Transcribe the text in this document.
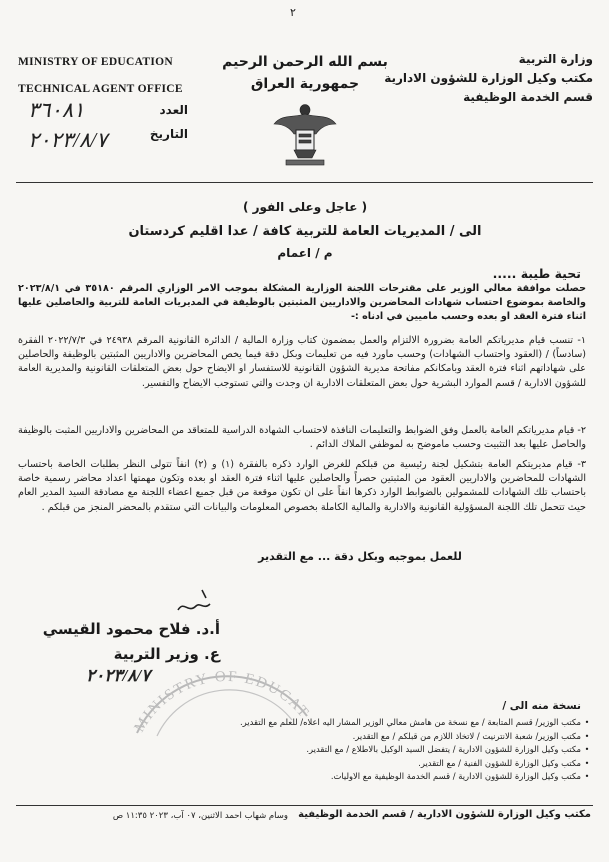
٢
MINISTRY OF EDUCATION
TECHNICAL AGENT OFFICE
العدد
٣٦٠٨١
التاريخ
٢٠٢٣/٨/٧
بسم الله الرحمن الرحيم
جمهورية العراق
وزارة التربية
مكتب وكيل الوزارة للشؤون الادارية
قسم الخدمة الوظيفية
( عاجل وعلى الفور )
الى / المديريات العامة للتربية كافة / عدا اقليم كردستان
م / اعمام
تحية طيبة .....
حصلت موافقة معالي الوزير على مقترحات اللجنة الوزارية المشكلة بموجب الامر الوزاري المرقم ٣٥١٨٠ في ٢٠٢٣/٨/١ والخاصة بموضوع احتساب شهادات المحاضرين والاداريين المثبتين بالوظيفة في المديريات العامة للتربية والحاصلين عليها اثناء فترة العقد او بعده وحسب ماميين في ادناه :-
١- تنسب قيام مديرياتكم العامة بضرورة الالتزام والعمل بمضمون كتاب وزارة المالية / الدائرة القانونية المرقم ٢٤٩٣٨ في ٢٠٢٢/٧/٣ الفقرة (سادساً) / (العقود واحتساب الشهادات) وحسب ماورد فيه من تعليمات وبكل دقة فيما يخص المحاضرين والاداريين المثبتين بالوظيفة والحاصلين على شهاداتهم اثناء فترة العقد وبامكانكم مفاتحة مديرية الشؤون القانونية للاستفسار او الايضاح حول بعض المتعلقات القانونية والمديرية العامة للشؤون الادارية / قسم الموارد البشرية حول بعض المتعلقات الادارية ان وجدت والتي تستوجب الايضاح والتفسير.
٢- قيام مديرياتكم العامة بالعمل وفق الضوابط والتعليمات النافذة لاحتساب الشهادة الدراسية للمتعاقد من المحاضرين والاداريين المثبت بالوظيفة والحاصل عليها بعد التثبيت وحسب ماموضح به لموظفي الملاك الدائم .
٣- قيام مديريتكم العامة بتشكيل لجنة رئيسية من قبلكم للغرض الوارد ذكره بالفقرة (١) و (٢) انفاً تتولى النظر بطلبات الخاصة باحتساب الشهادات للمحاضرين والاداريين العقود من المثبتين حصراً والحاصلين عليها اثناء فترة العقد او بعده وتكون مهمتها اعداد محاضر رسمية خاصة باحتساب تلك الشهادات للمشمولين بالضوابط الوارد ذكرها انفاً على ان تكون موقعة من قبل جميع اعضاء اللجنة مع مصادقة السيد المدير العام حيث تتحمل تلك اللجنة المسؤولية القانونية والادارية والمالية الكاملة بخصوص المعلومات والبيانات التي ستقدم بالمحضر المنجز من قبلكم .
للعمل بموجبه وبكل دقة ... مع التقدير
MINISTRY OF EDUCAT
أ.د. فلاح محمود القيسي
ع. وزير التربية
٢٠٢٣/٨/٧
نسخة منه الى /
مكتب الوزير/ قسم المتابعة / مع نسخة من هامش معالي الوزير المشار اليه اعلاه/ للعلم مع التقدير.
مكتب الوزير/ شعبة الانترنيت / لاتخاذ اللازم من قبلكم / مع التقدير.
مكتب وكيل الوزارة للشؤون الادارية / يتفضل السيد الوكيل بالاطلاع / مع التقدير.
مكتب وكيل الوزارة للشؤون الفنية / مع التقدير.
مكتب وكيل الوزارة للشؤون الادارية / قسم الخدمة الوظيفية مع الاوليات.
•
•
•
•
•
مكتب وكيل الوزارة للشؤون الادارية / قسم الخدمة الوظيفية
وسام شهاب احمد الاثنين، ٠٧ آب، ٢٠٢٣ ١١:٣٥ ص
